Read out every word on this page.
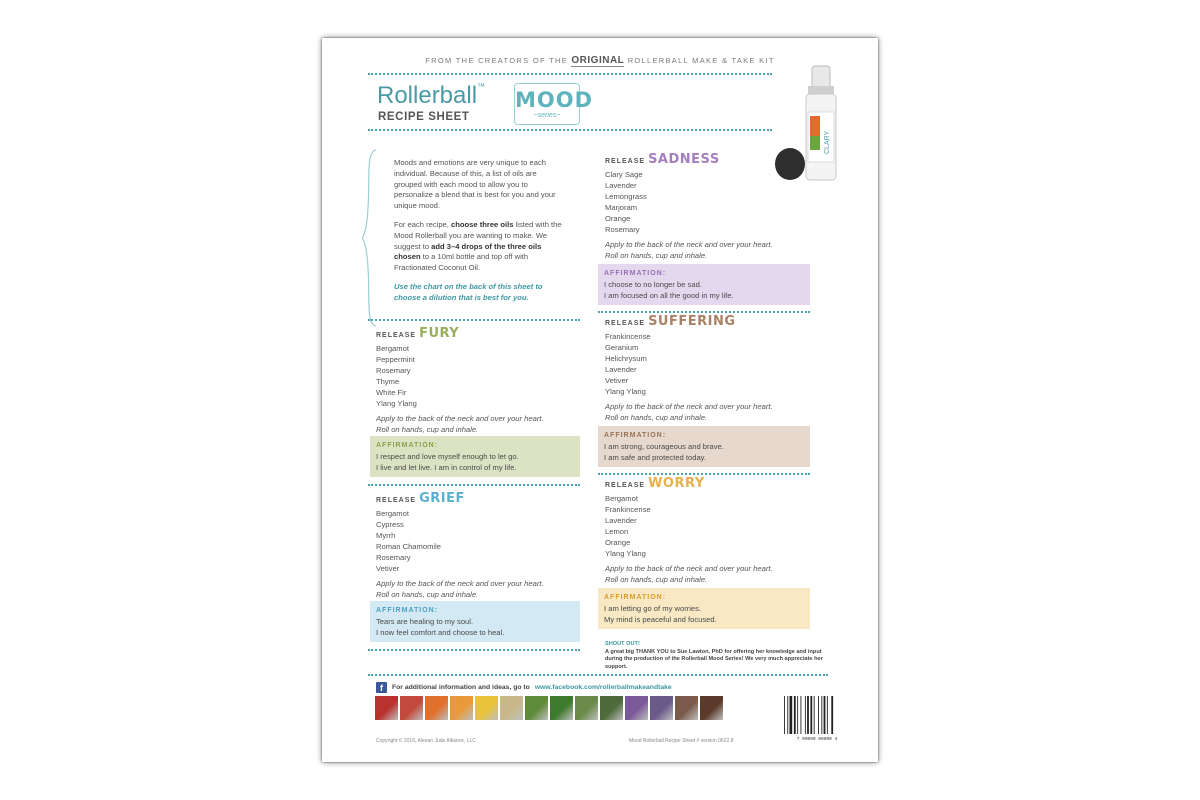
FROM THE CREATORS OF THE ORIGINAL ROLLERBALL MAKE & TAKE KIT
Rollerball™
RECIPE SHEET
MOOD
~series~
CLARY

Moods and emotions are very unique to each individual. Because of this, a list of oils are grouped with each mood to allow you to personalize a blend that is best for you and your unique mood.

For each recipe, choose three oils listed with the Mood Rollerball you are wanting to make. We suggest to add 3–4 drops of the three oils chosen to a 10ml bottle and top off with Fractionated Coconut Oil.

Use the chart on the back of this sheet to choose a dilution that is best for you.

RELEASE FURY
Bergamot
Peppermint
Rosemary
Thyme
White Fir
Ylang Ylang
Apply to the back of the neck and over your heart.
Roll on hands, cup and inhale.
AFFIRMATION:
I respect and love myself enough to let go.
I live and let live. I am in control of my life.
RELEASE GRIEF
Bergamot
Cypress
Myrrh
Roman Chamomile
Rosemary
Vetiver
Apply to the back of the neck and over your heart.
Roll on hands, cup and inhale.
AFFIRMATION:
Tears are healing to my soul.
I now feel comfort and choose to heal.
RELEASE SADNESS
Clary Sage
Lavender
Lemongrass
Marjoram
Orange
Rosemary
Apply to the back of the neck and over your heart.
Roll on hands, cup and inhale.
AFFIRMATION:
I choose to no longer be sad.
I am focused on all the good in my life.
RELEASE SUFFERING
Frankincense
Geranium
Helichrysum
Lavender
Vetiver
Ylang Ylang
Apply to the back of the neck and over your heart.
Roll on hands, cup and inhale.
AFFIRMATION:
I am strong, courageous and brave.
I am safe and protected today.
RELEASE WORRY
Bergamot
Frankincense
Lavender
Lemon
Orange
Ylang Ylang
Apply to the back of the neck and over your heart.
Roll on hands, cup and inhale.
AFFIRMATION:
I am letting go of my worries.
My mind is peaceful and focused.
SHOUT OUT!
A great big THANK YOU to Sue Lawton, PhD for offering her knowledge and input during the production of the Rollerball Mood Series! We very much appreciate her support.
f	For additional information and ideas, go to www.facebook.com/rollerballmakeandtake
Copyright © 2016, Aleean Jude Alliance, LLC	Mood Rollerball Recipe Sheet // version 0622.8	7 00000 00000 4
